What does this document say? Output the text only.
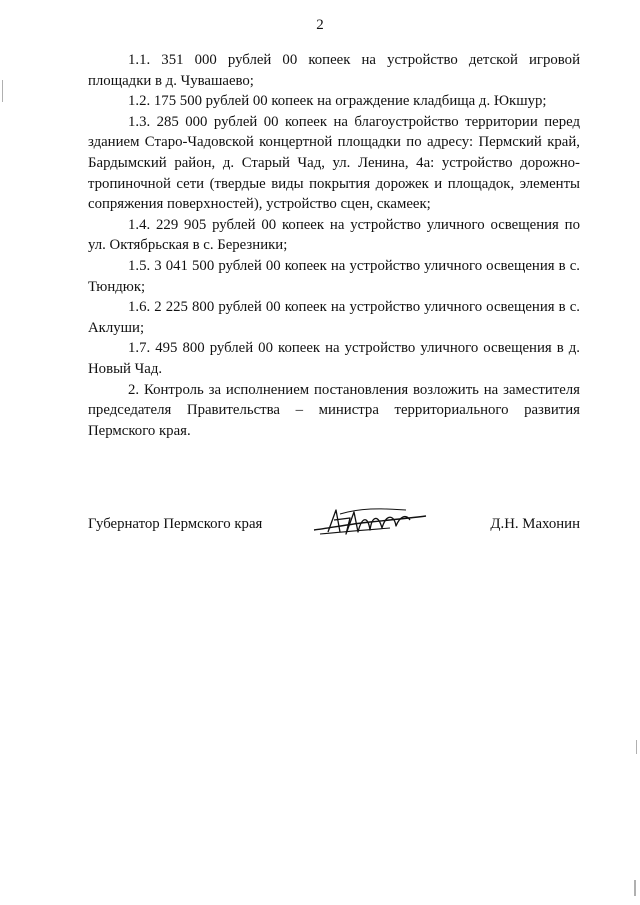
2

1.1. 351 000 рублей 00 копеек на устройство детской игровой площадки в д. Чувашаево;

1.2. 175 500 рублей 00 копеек на ограждение кладбища д. Юкшур;

1.3. 285 000 рублей 00 копеек на благоустройство территории перед зданием Старо-Чадовской концертной площадки по адресу: Пермский край, Бардымский район, д. Старый Чад, ул. Ленина, 4а: устройство дорожно-тропиночной сети (твердые виды покрытия дорожек и площадок, элементы сопряжения поверхностей), устройство сцен, скамеек;

1.4. 229 905 рублей 00 копеек на устройство уличного освещения по ул. Октябрьская в с. Березники;

1.5. 3 041 500 рублей 00 копеек на устройство уличного освещения в с. Тюндюк;

1.6. 2 225 800 рублей 00 копеек на устройство уличного освещения в с. Аклуши;

1.7. 495 800 рублей 00 копеек на устройство уличного освещения в д. Новый Чад.

2. Контроль за исполнением постановления возложить на заместителя председателя Правительства – министра территориального развития Пермского края.

Губернатор Пермского края	Д.Н. Махонин
